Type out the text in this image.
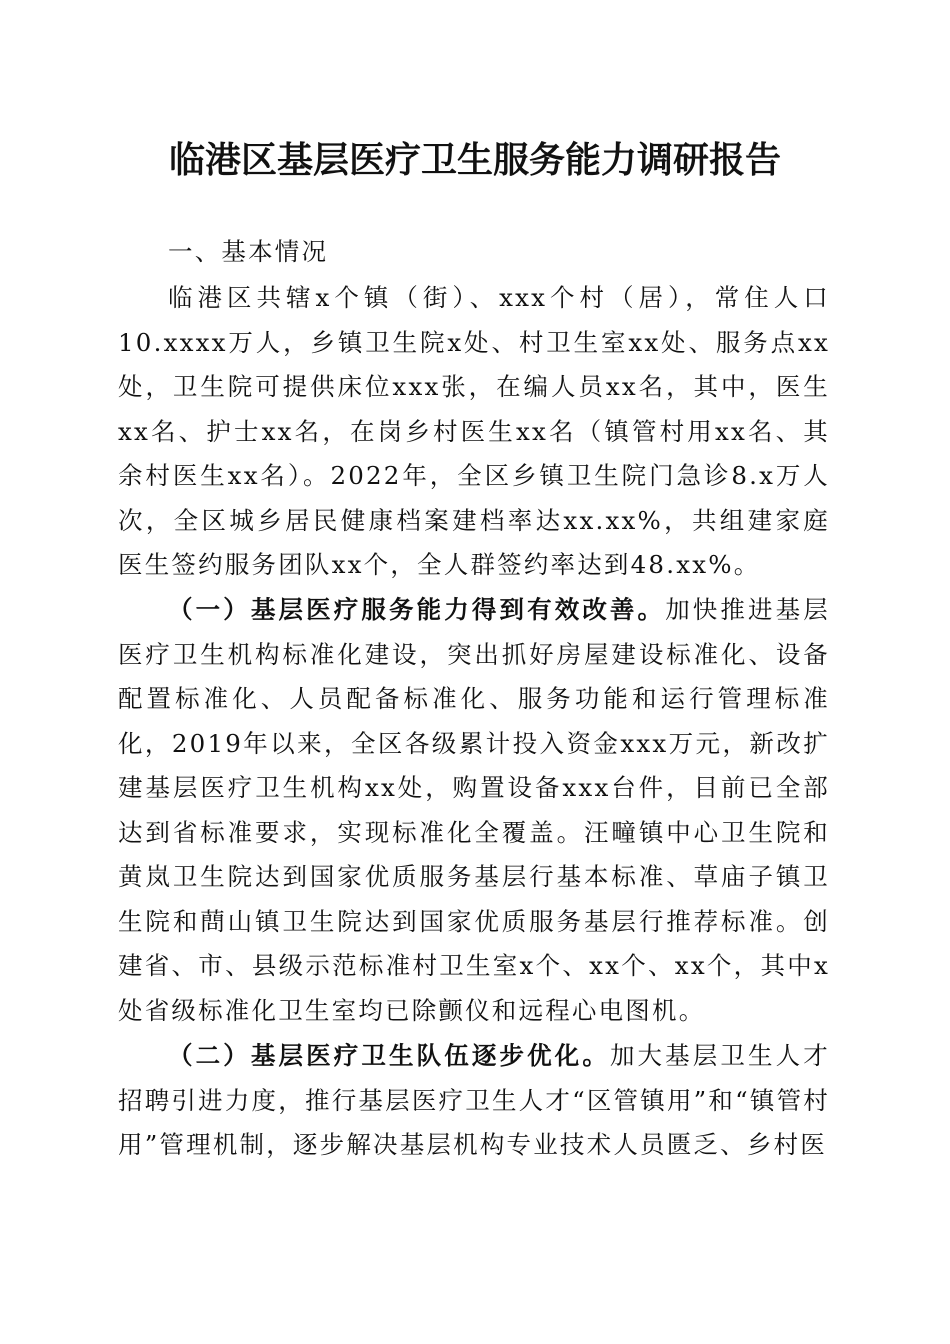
临港区基层医疗卫生服务能力调研报告
一、基本情况

临港区共辖x个镇（街）、xxx个村（居），常住人口10.xxxx万人，乡镇卫生院x处、村卫生室xx处、服务点xx处，卫生院可提供床位xxx张，在编人员xx名，其中，医生xx名、护士xx名，在岗乡村医生xx名（镇管村用xx名、其余村医生xx名）。2022年，全区乡镇卫生院门急诊8.x万人次，全区城乡居民健康档案建档率达xx.xx%，共组建家庭医生签约服务团队xx个，全人群签约率达到48.xx%。

（一）基层医疗服务能力得到有效改善。加快推进基层医疗卫生机构标准化建设，突出抓好房屋建设标准化、设备配置标准化、人员配备标准化、服务功能和运行管理标准化，2019年以来，全区各级累计投入资金xxx万元，新改扩建基层医疗卫生机构xx处，购置设备xxx台件，目前已全部达到省标准要求，实现标准化全覆盖。汪疃镇中心卫生院和黄岚卫生院达到国家优质服务基层行基本标准、草庙子镇卫生院和蔄山镇卫生院达到国家优质服务基层行推荐标准。创建省、市、县级示范标准村卫生室x个、xx个、xx个，其中x处省级标准化卫生室均已除颤仪和远程心电图机。

（二）基层医疗卫生队伍逐步优化。加大基层卫生人才招聘引进力度，推行基层医疗卫生人才“区管镇用”和“镇管村用”管理机制，逐步解决基层机构专业技术人员匮乏、乡村医
